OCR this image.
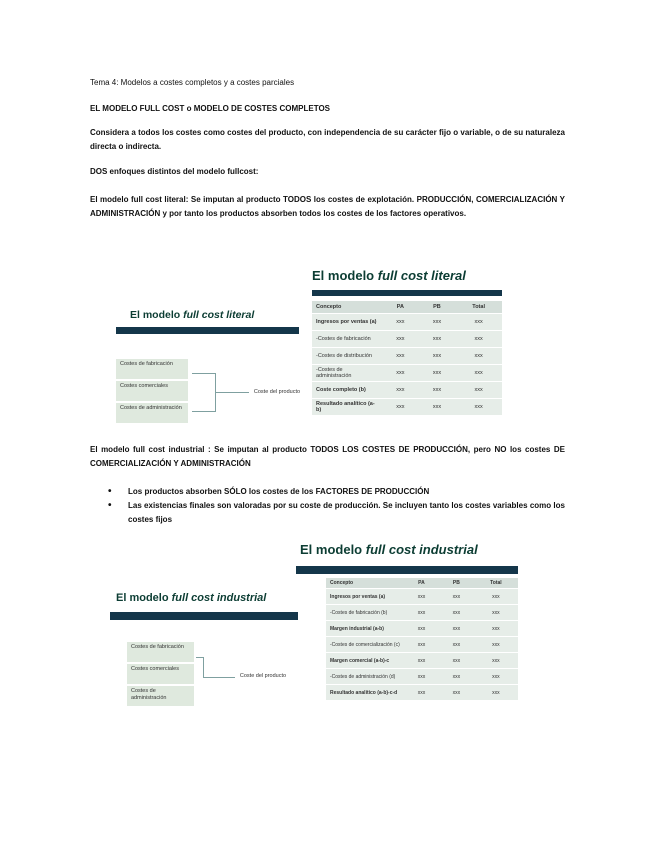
Tema 4: Modelos a costes completos y a costes parciales
EL MODELO FULL COST o MODELO DE COSTES COMPLETOS
Considera a todos los costes como costes del producto, con independencia de su carácter fijo o variable, o de su naturaleza directa o indirecta.
DOS enfoques distintos del modelo fullcost:
El modelo full cost literal: Se imputan al producto TODOS los costes de explotación. PRODUCCIÓN, COMERCIALIZACIÓN Y ADMINISTRACIÓN y por tanto los productos absorben todos los costes de los factores operativos.
El modelo full cost literal
El modelo full cost literal
Costes de fabricación
Costes comerciales
Costes de administración
Coste del producto
Concepto	PA	PB	Total
Ingresos por ventas (a)	xxx	xxx	xxx
-Costes de fabricación	xxx	xxx	xxx
-Costes de distribución	xxx	xxx	xxx
-Costes de administración	xxx	xxx	xxx
Coste completo (b)	xxx	xxx	xxx
Resultado analítico (a-b)	xxx	xxx	xxx
El modelo full cost industrial : Se imputan al producto TODOS LOS COSTES DE PRODUCCIÓN, pero NO los costes DE COMERCIALIZACIÓN Y ADMINISTRACIÓN
• Los productos absorben SÓLO los costes de los FACTORES DE PRODUCCIÓN
• Las existencias finales son valoradas por su coste de producción. Se incluyen tanto los costes variables como los costes fijos
El modelo full cost industrial
El modelo full cost industrial
Costes de fabricación
Costes comerciales
Costes de administración
Coste del producto
Concepto	PA	PB	Total
Ingresos por ventas (a)	xxx	xxx	xxx
-Costes de fabricación (b)	xxx	xxx	xxx
Margen industrial (a-b)	xxx	xxx	xxx
-Costes de comercialización (c)	xxx	xxx	xxx
Margen comercial (a-b)-c	xxx	xxx	xxx
-Costes de administración (d)	xxx	xxx	xxx
Resultado analítico (a-b)-c-d	xxx	xxx	xxx
